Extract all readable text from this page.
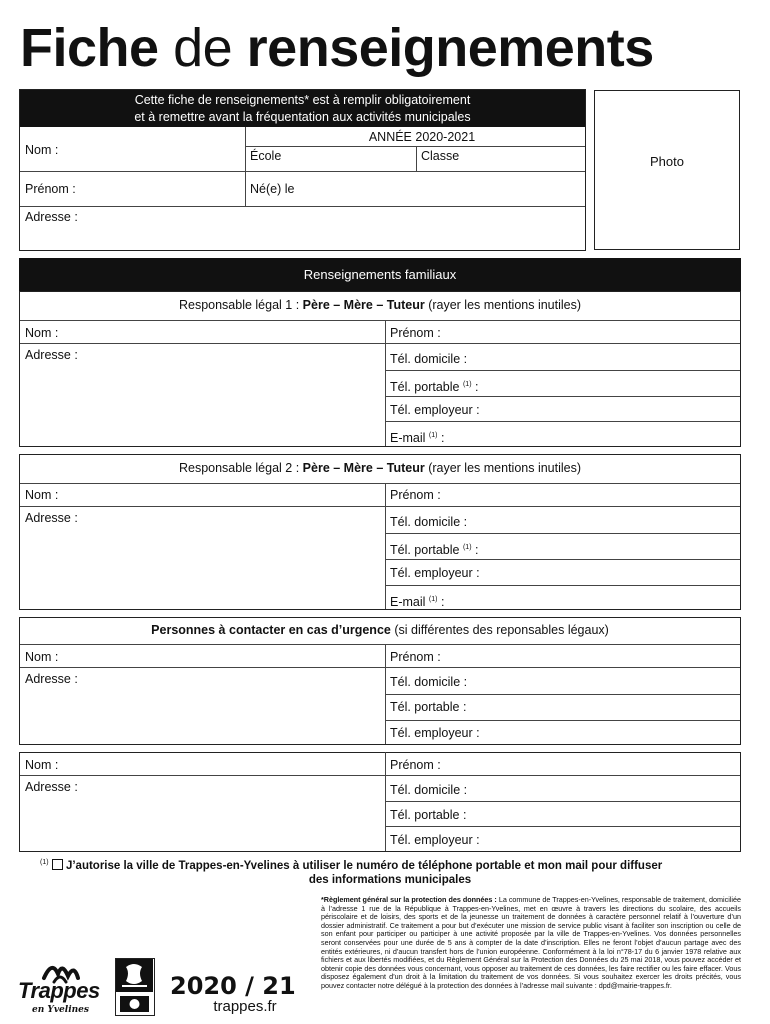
Fiche de renseignements
Cette fiche de renseignements* est à remplir obligatoirement
et à remettre avant la fréquentation aux activités municipales
ANNÉE 2020-2021
Nom :	École	Classe
Prénom :	Né(e) le
Adresse :
Photo
Renseignements familiaux
Responsable légal 1 : Père – Mère – Tuteur (rayer les mentions inutiles)
Nom :	Prénom :
Adresse :	Tél. domicile :
Tél. portable $^{(1)}$ :
Tél. employeur :
E-mail $^{(1)}$ :
Responsable légal 2 : Père – Mère – Tuteur (rayer les mentions inutiles)
Nom :	Prénom :
Adresse :	Tél. domicile :
Tél. portable $^{(1)}$ :
Tél. employeur :
E-mail $^{(1)}$ :
Personnes à contacter en cas d’urgence (si différentes des reponsables légaux)
Nom :	Prénom :
Adresse :	Tél. domicile :
Tél. portable :
Tél. employeur :
Nom :	Prénom :
Adresse :	Tél. domicile :
Tél. portable :
Tél. employeur :
$^{(1)}$ J’autorise la ville de Trappes-en-Yvelines à utiliser le numéro de téléphone portable et mon mail pour diffuser
des informations municipales
*Règlement général sur la protection des données : La commune de Trappes-en-Yvelines, responsable de traitement, domiciliée à l’adresse 1 rue de la République à Trappes-en-Yvelines, met en œuvre à travers les directions du scolaire, des accueils périscolaire et de loisirs, des sports et de la jeunesse un traitement de données à caractère personnel relatif à l’ouverture d’un dossier administratif. Ce traitement a pour but d’exécuter une mission de service public visant à faciliter son inscription ou celle de son enfant pour participer ou participer à une activité proposée par la ville de Trappes-en-Yvelines. Vos données personnelles seront conservées pour une durée de 5 ans à compter de la date d’inscription. Elles ne feront l’objet d’aucun partage avec des entités extérieures, ni d’aucun transfert hors de l’union européenne. Conformément à la loi n°78-17 du 6 janvier 1978 relative aux fichiers et aux libertés modifiées, et du Règlement Général sur la Protection des Données du 25 mai 2018, vous pouvez accéder et obtenir copie des données vous concernant, vous opposer au traitement de ces données, les faire rectifier ou les faire effacer. Vous disposez également d’un droit à la limitation du traitement de vos données. Si vous souhaitez exercer les droits précités, vous pouvez contacter notre délégué à la protection des données à l’adresse mail suivante : dpd@mairie-trappes.fr.
Trappes
en Yvelines
2020 / 21
trappes.fr
